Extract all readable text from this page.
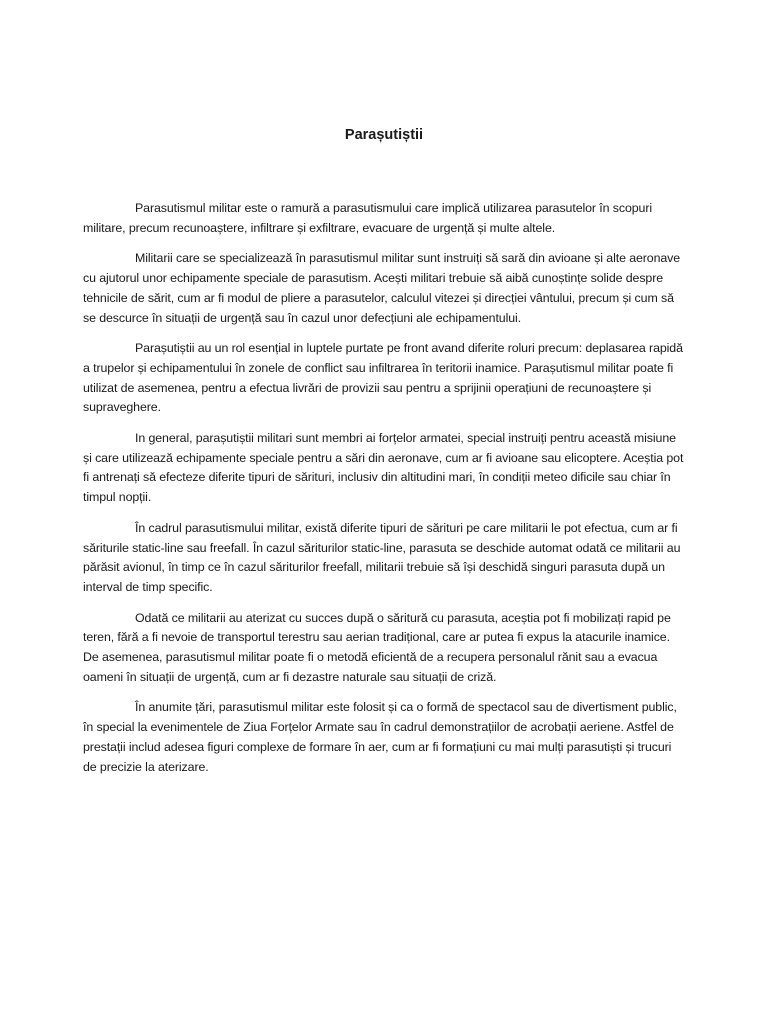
Parașutiștii

Parasutismul militar este o ramură a parasutismului care implică utilizarea parasutelor în scopuri militare, precum recunoaștere, infiltrare și exfiltrare, evacuare de urgență și multe altele.

Militarii care se specializează în parasutismul militar sunt instruiți să sară din avioane și alte aeronave cu ajutorul unor echipamente speciale de parasutism. Acești militari trebuie să aibă cunoștințe solide despre tehnicile de sărit, cum ar fi modul de pliere a parasutelor, calculul vitezei și direcției vântului, precum și cum să se descurce în situații de urgență sau în cazul unor defecțiuni ale echipamentului.

Parașutiștii au un rol esențial in luptele purtate pe front avand diferite roluri precum: deplasarea rapidă a trupelor și echipamentului în zonele de conflict sau infiltrarea în teritorii inamice. Parașutismul militar poate fi utilizat de asemenea, pentru a efectua livrări de provizii sau pentru a sprijinii operațiuni de recunoaștere și supraveghere.

In general, parașutiștii militari sunt membri ai forțelor armatei, special instruiți pentru această misiune și care utilizează echipamente speciale pentru a sări din aeronave, cum ar fi avioane sau elicoptere. Aceștia pot fi antrenați să efecteze diferite tipuri de sărituri, inclusiv din altitudini mari, în condiții meteo dificile sau chiar în timpul nopții.

În cadrul parasutismului militar, există diferite tipuri de sărituri pe care militarii le pot efectua, cum ar fi săriturile static-line sau freefall. În cazul săriturilor static-line, parasuta se deschide automat odată ce militarii au părăsit avionul, în timp ce în cazul săriturilor freefall, militarii trebuie să își deschidă singuri parasuta după un interval de timp specific.

Odată ce militarii au aterizat cu succes după o săritură cu parasuta, aceștia pot fi mobilizați rapid pe teren, fără a fi nevoie de transportul terestru sau aerian tradițional, care ar putea fi expus la atacurile inamice. De asemenea, parasutismul militar poate fi o metodă eficientă de a recupera personalul rănit sau a evacua oameni în situații de urgență, cum ar fi dezastre naturale sau situații de criză.

În anumite țări, parasutismul militar este folosit și ca o formă de spectacol sau de divertisment public, în special la evenimentele de Ziua Forțelor Armate sau în cadrul demonstrațiilor de acrobații aeriene. Astfel de prestații includ adesea figuri complexe de formare în aer, cum ar fi formațiuni cu mai mulți parasutiști și trucuri de precizie la aterizare.
